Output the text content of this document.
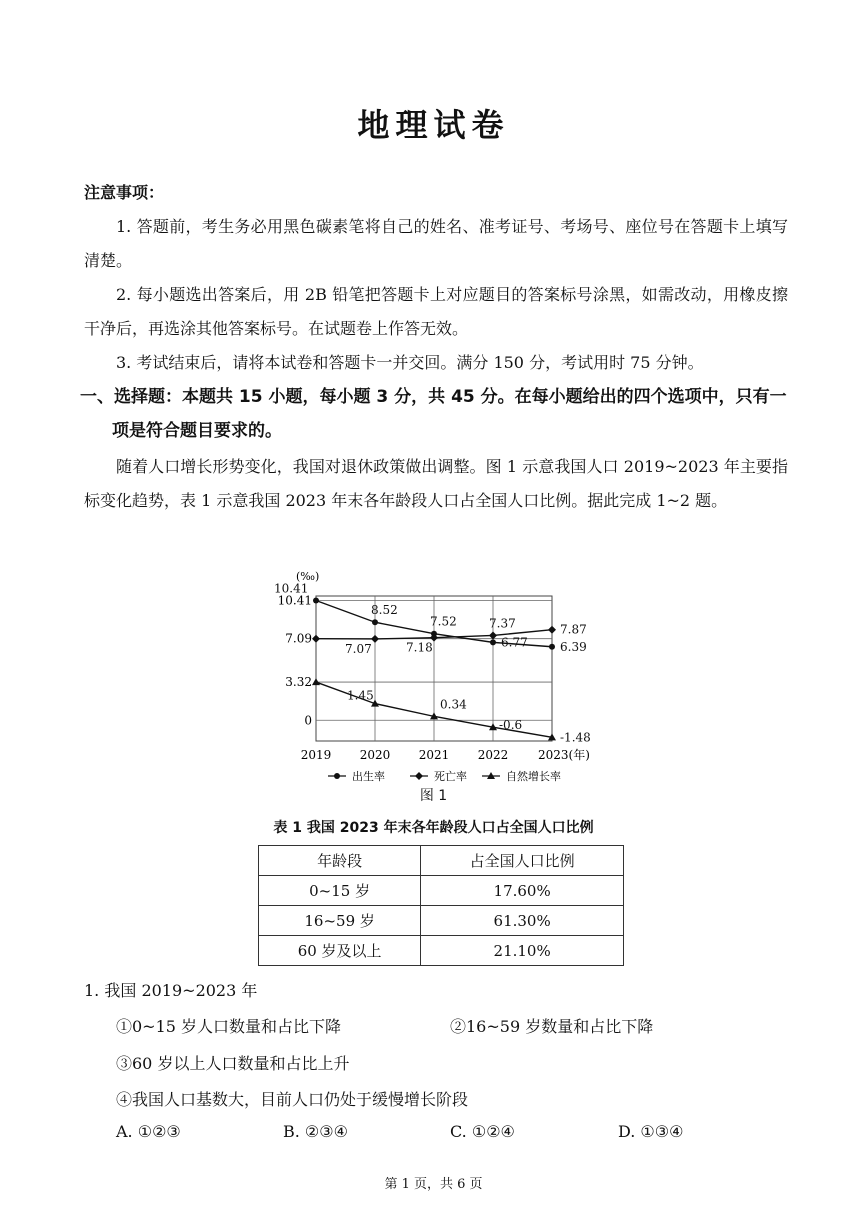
地理试卷
注意事项：
1. 答题前，考生务必用黑色碳素笔将自己的姓名、准考证号、考场号、座位号在答题卡上填写清楚。
2. 每小题选出答案后，用 2B 铅笔把答题卡上对应题目的答案标号涂黑，如需改动，用橡皮擦干净后，再选涂其他答案标号。在试题卷上作答无效。
3. 考试结束后，请将本试卷和答题卡一并交回。满分 150 分，考试用时 75 分钟。
一、选择题：本题共 15 小题，每小题 3 分，共 45 分。在每小题给出的四个选项中，只有一
项是符合题目要求的。
随着人口增长形势变化，我国对退休政策做出调整。图 1 示意我国人口 2019~2023 年主要指标变化趋势，表 1 示意我国 2023 年末各年龄段人口占全国人口比例。据此完成 1~2 题。
10.41
7.09
3.32
0
(‰)
2019 2020 2021 2022 2023(年)
10.41
8.52
7.52
6.77	6.39
7.07	7.18
7.37	7.87
1.45
0.34
-0.6
-1.48
出生率	死亡率	自然增长率
图 1
表 1 我国 2023 年末各年龄段人口占全国人口比例
年龄段	占全国人口比例
0~15 岁	17.60%
16~59 岁	61.30%
60 岁及以上	21.10%
1. 我国 2019~2023 年
①0~15 岁人口数量和占比下降	②16~59 岁数量和占比下降
③60 岁以上人口数量和占比上升
④我国人口基数大，目前人口仍处于缓慢增长阶段
A. ①②③	B. ②③④	C. ①②④	D. ①③④
第 1 页，共 6 页
